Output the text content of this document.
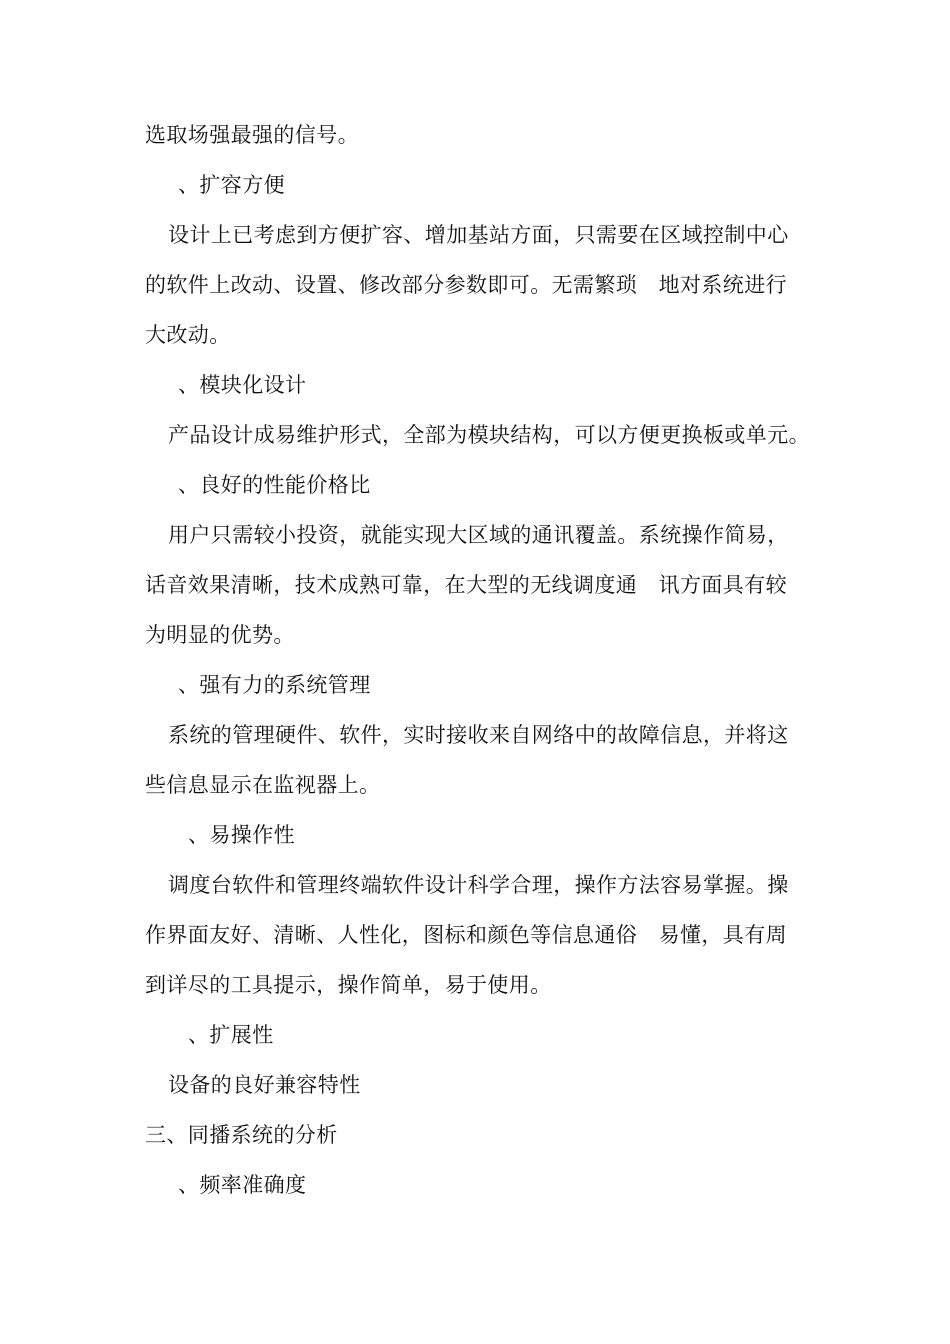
选取场强最强的信号。
、扩容方便
设计上已考虑到方便扩容、增加基站方面，只需要在区域控制中心
的软件上改动、设置、修改部分参数即可。无需繁琐　地对系统进行
大改动。
、模块化设计
产品设计成易维护形式，全部为模块结构，可以方便更换板或单元。
、良好的性能价格比
用户只需较小投资，就能实现大区域的通讯覆盖。系统操作简易，
话音效果清晰，技术成熟可靠，在大型的无线调度通　讯方面具有较
为明显的优势。
、强有力的系统管理
系统的管理硬件、软件，实时接收来自网络中的故障信息，并将这
些信息显示在监视器上。
、易操作性
调度台软件和管理终端软件设计科学合理，操作方法容易掌握。操
作界面友好、清晰、人性化，图标和颜色等信息通俗　易懂，具有周
到详尽的工具提示，操作简单，易于使用。
、扩展性
设备的良好兼容特性
三、同播系统的分析
、频率准确度
